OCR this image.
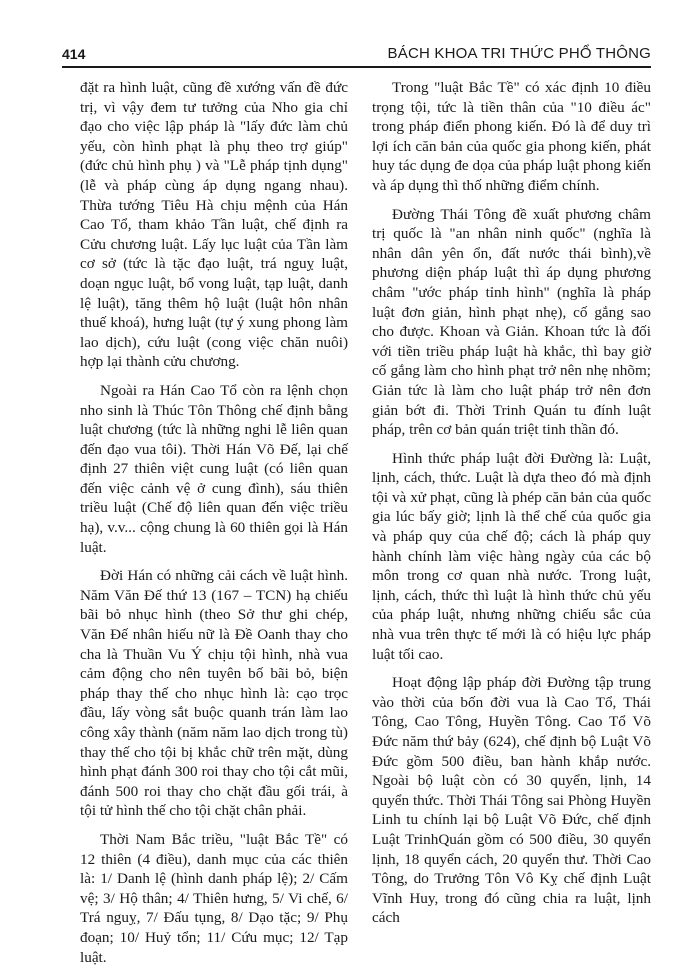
414	BÁCH KHOA TRI THỨC PHỔ THÔNG

đặt ra hình luật, cũng đề xướng vấn đề đức trị, vì vậy đem tư tưởng của Nho gia chỉ đạo cho việc lập pháp là "lấy đức làm chủ yếu, còn hình phạt là phụ theo trợ giúp" (đức chủ hình phụ ) và "Lễ pháp tịnh dụng" (lễ và pháp cùng áp dụng ngang nhau). Thừa tướng Tiêu Hà chịu mệnh của Hán Cao Tổ, tham khảo Tần luật, chế định ra Cửu chương luật. Lấy lục luật của Tần làm cơ sở (tức là tặc đạo luật, trá nguỵ luật, doạn ngục luật, bổ vong luật, tạp luật, danh lệ luật), tăng thêm hộ luật (luật hôn nhân thuế khoá), hưng luật (tự ý xung phong làm lao dịch), cứu luật (cong việc chăn nuôi) hợp lại thành cửu chương.

Ngoài ra Hán Cao Tổ còn ra lệnh chọn nho sinh là Thúc Tôn Thông chế định bằng luật chương (tức là những nghi lễ liên quan đến đạo vua tôi). Thời Hán Võ Đế, lại chế định 27 thiên việt cung luật (có liên quan đến việc cảnh vệ ở cung đình), sáu thiên triều luật (Chế độ liên quan đến việc triều hạ), v.v... cộng chung là 60 thiên gọi là Hán luật.

Đời Hán có những cải cách về luật hình. Năm Văn Đế thứ 13 (167 – TCN) hạ chiếu bãi bỏ nhục hình (theo Sở thư ghi chép, Văn Đế nhân hiếu nữ là Đề Oanh thay cho cha là Thuần Vu Ý chịu tội hình, nhà vua cảm động cho nên tuyên bố bãi bỏ, biện pháp thay thế cho nhục hình là: cạo trọc đầu, lấy vòng sắt buộc quanh trán làm lao công xây thành (năm năm lao dịch trong tù) thay thế cho tội bị khắc chữ trên mặt, dùng hình phạt đánh 300 roi thay cho tội cắt mũi, đánh 500 roi thay cho chặt đầu gối trái, à tội tử hình thế cho tội chặt chân phải.

Thời Nam Bắc triều, "luật Bắc Tề" có 12 thiên (4 điều), danh mục của các thiên là: 1/ Danh lệ (hình danh pháp lệ); 2/ Cấm vệ; 3/ Hộ thân; 4/ Thiên hưng, 5/ Vi chế, 6/ Trá nguỵ, 7/ Đấu tụng, 8/ Dạo tặc; 9/ Phụ đoạn; 10/ Huỷ tổn; 11/ Cứu mục; 12/ Tạp luật.

Trong "luật Bắc Tề" có xác định 10 điều trọng tội, tức là tiền thân của "10 điều ác" trong pháp điển phong kiến. Đó là để duy trì lợi ích căn bản của quốc gia phong kiến, phát huy tác dụng đe dọa của pháp luật phong kiến và áp dụng thì thố những điểm chính.

Đường Thái Tông đề xuất phương châm trị quốc là "an nhân ninh quốc" (nghĩa là nhân dân yên ổn, đất nước thái bình),về phương diện pháp luật thì áp dụng phương châm "ước pháp tỉnh hình" (nghĩa là pháp luật đơn giản, hình phạt nhẹ), cố gắng sao cho được. Khoan và Giản. Khoan tức là đối với tiền triều pháp luật hà khắc, thì bay giờ cố gắng làm cho hình phạt trở nên nhẹ nhõm; Giản tức là làm cho luật pháp trở nên đơn giản bớt đi. Thời Trinh Quán tu đính luật pháp, trên cơ bản quán triệt tinh thần đó.

Hình thức pháp luật đời Đường là: Luật, lịnh, cách, thức. Luật là dựa theo đó mà định tội và xử phạt, cũng là phép căn bản của quốc gia lúc bấy giờ; lịnh là thể chế của quốc gia và pháp quy của chế độ; cách là pháp quy hành chính làm việc hàng ngày của các bộ môn trong cơ quan nhà nước. Trong luật, lịnh, cách, thức thì luật là hình thức chủ yếu của pháp luật, nhưng những chiếu sắc của nhà vua trên thực tế mới là có hiệu lực pháp luật tối cao.

Hoạt động lập pháp đời Đường tập trung vào thời của bốn đời vua là Cao Tổ, Thái Tông, Cao Tông, Huyền Tông. Cao Tổ Võ Đức năm thứ bảy (624), chế định bộ Luật Võ Đức gồm 500 điều, ban hành khắp nước. Ngoài bộ luật còn có 30 quyển, lịnh, 14 quyển thức. Thời Thái Tông sai Phòng Huyền Linh tu chính lại bộ Luật Võ Đức, chế định Luật TrinhQuán gồm có 500 điều, 30 quyển lịnh, 18 quyển cách, 20 quyển thư. Thời Cao Tông, do Trưởng Tôn Vô Kỵ chế định Luật Vĩnh Huy, trong đó cũng chia ra luật, lịnh cách
